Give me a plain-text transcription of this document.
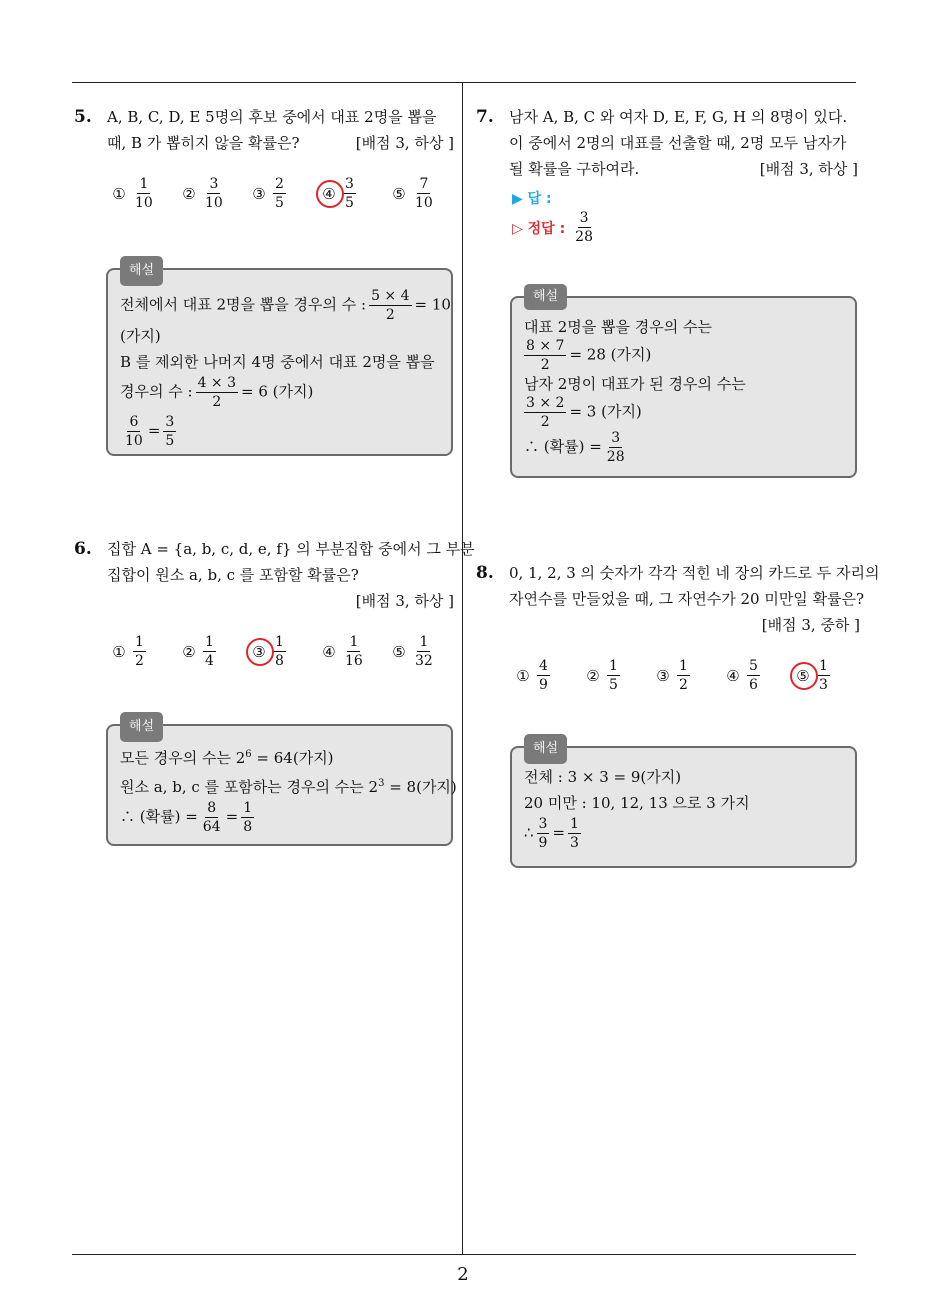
2
5. A, B, C, D, E 5명의 후보 중에서 대표 2명을 뽑을
때, B 가 뽑히지 않을 확률은?	[배점 3, 하상 ]
① $\frac{1}{10}$ ② $\frac{3}{10}$ ③ $\frac{2}{5}$ ④ $\frac{3}{5}$ ⑤ $\frac{7}{10}$
해설
전체에서 대표 2명을 뽑을 경우의 수 : $\frac{5 \times 4}{2} = 10$
(가지)
B 를 제외한 나머지 4명 중에서 대표 2명을 뽑을
경우의 수 : $\frac{4 \times 3}{2} = 6$ (가지)
$\frac{6}{10} = \frac{3}{5}$
6. 집합 A = {a, b, c, d, e, f} 의 부분집합 중에서 그 부분
집합이 원소 a, b, c 를 포함할 확률은?
[배점 3, 하상 ]
① $\frac{1}{2}$ ② $\frac{1}{4}$ ③ $\frac{1}{8}$ ④ $\frac{1}{16}$ ⑤ $\frac{1}{32}$
해설
모든 경우의 수는 $2^6 = 64$(가지)
원소 a, b, c 를 포함하는 경우의 수는 $2^3 = 8$(가지)
∴ (확률) = $\frac{8}{64} = \frac{1}{8}$
7. 남자 A, B, C 와 여자 D, E, F, G, H 의 8명이 있다.
이 중에서 2명의 대표를 선출할 때, 2명 모두 남자가
될 확률을 구하여라.	[배점 3, 하상 ]
▶ 답 :
▷ 정답 : $\frac{3}{28}$
해설
대표 2명을 뽑을 경우의 수는
$\frac{8 \times 7}{2} = 28$ (가지)
남자 2명이 대표가 된 경우의 수는
$\frac{3 \times 2}{2} = 3$ (가지)
∴ (확률) = $\frac{3}{28}$
8. 0, 1, 2, 3 의 숫자가 각각 적힌 네 장의 카드로 두 자리의
자연수를 만들었을 때, 그 자연수가 20 미만일 확률은?
[배점 3, 중하 ]
① $\frac{4}{9}$ ② $\frac{1}{5}$ ③ $\frac{1}{2}$ ④ $\frac{5}{6}$ ⑤ $\frac{1}{3}$
해설
전체 : 3 × 3 = 9(가지)
20 미만 : 10, 12, 13 으로 3 가지
∴ $\frac{3}{9} = \frac{1}{3}$
